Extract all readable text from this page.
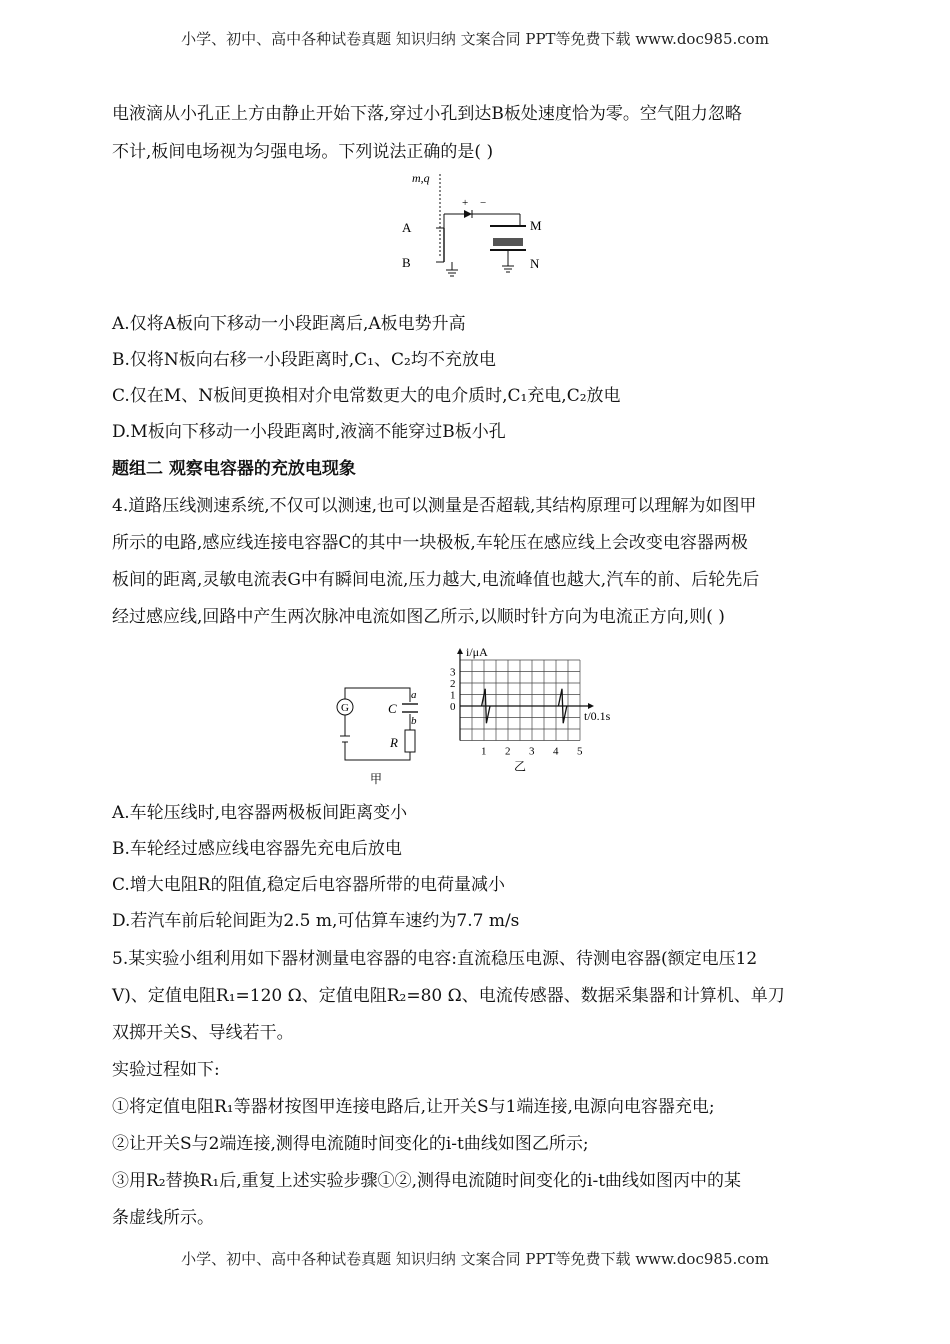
小学、初中、高中各种试卷真题 知识归纳 文案合同 PPT等免费下载 www.doc985.com
小学、初中、高中各种试卷真题 知识归纳 文案合同 PPT等免费下载 www.doc985.com
电液滴从小孔正上方由静止开始下落,穿过小孔到达B板处速度恰为零。空气阻力忽略
不计,板间电场视为匀强电场。下列说法正确的是( )
m,q
A
B
+ −
M
N
A.仅将A板向下移动一小段距离后,A板电势升高
B.仅将N板向右移一小段距离时,C₁、C₂均不充放电
C.仅在M、N板间更换相对介电常数更大的电介质时,C₁充电,C₂放电
D.M板向下移动一小段距离时,液滴不能穿过B板小孔
题组二 观察电容器的充放电现象
4.道路压线测速系统,不仅可以测速,也可以测量是否超载,其结构原理可以理解为如图甲
所示的电路,感应线连接电容器C的其中一块极板,车轮压在感应线上会改变电容器两极
板间的距离,灵敏电流表G中有瞬间电流,压力越大,电流峰值也越大,汽车的前、后轮先后
经过感应线,回路中产生两次脉冲电流如图乙所示,以顺时针方向为电流正方向,则( )
G	C
a
b
R
甲
1 2 3 4 5
0
1
2
3
i/μA
t/0.1s
乙
A.车轮压线时,电容器两极板间距离变小
B.车轮经过感应线电容器先充电后放电
C.增大电阻R的阻值,稳定后电容器所带的电荷量减小
D.若汽车前后轮间距为2.5 m,可估算车速约为7.7 m/s
5.某实验小组利用如下器材测量电容器的电容:直流稳压电源、待测电容器(额定电压12
V)、定值电阻R₁=120 Ω、定值电阻R₂=80 Ω、电流传感器、数据采集器和计算机、单刀
双掷开关S、导线若干。
实验过程如下:
①将定值电阻R₁等器材按图甲连接电路后,让开关S与1端连接,电源向电容器充电;
②让开关S与2端连接,测得电流随时间变化的i-t曲线如图乙所示;
③用R₂替换R₁后,重复上述实验步骤①②,测得电流随时间变化的i-t曲线如图丙中的某
条虚线所示。
